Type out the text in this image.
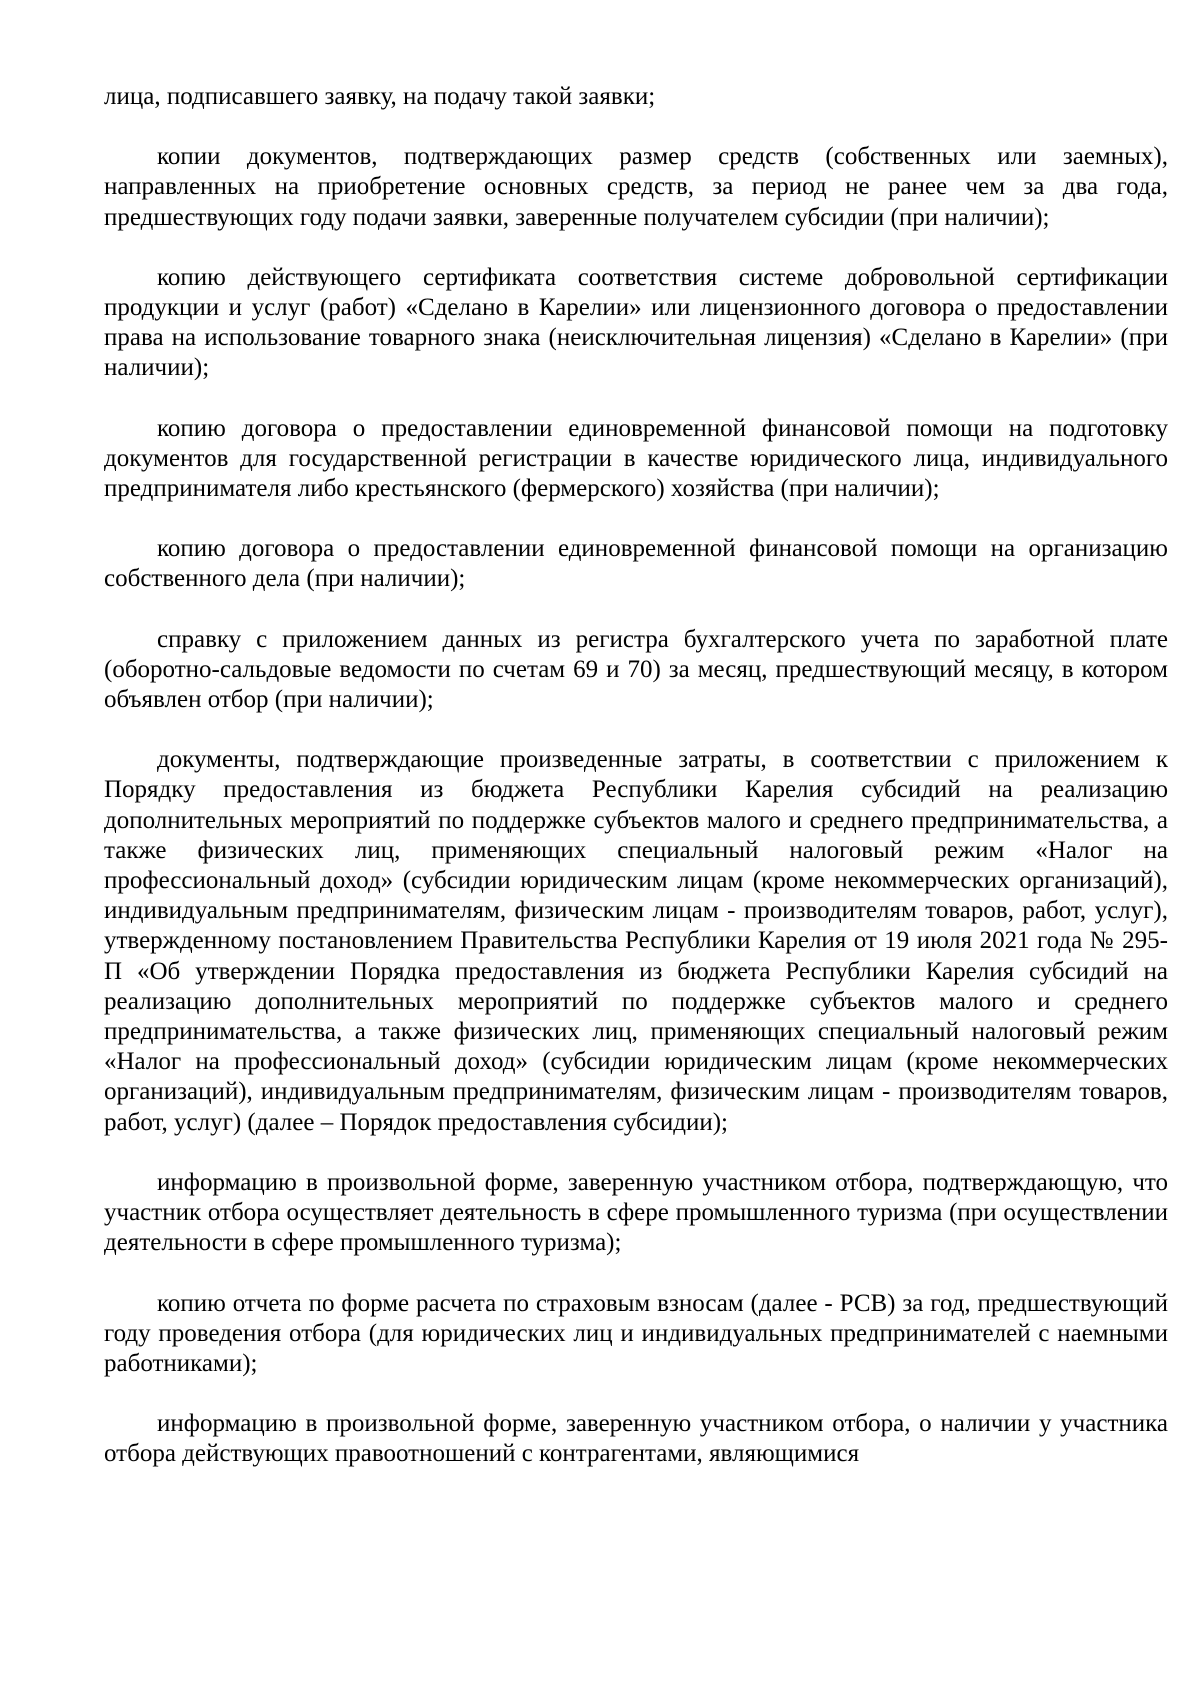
лица, подписавшего заявку, на подачу такой заявки;

копии документов, подтверждающих размер средств (собственных или заемных), направленных на приобретение основных средств, за период не ранее чем за два года, предшествующих году подачи заявки, заверенные получателем субсидии (при наличии);

копию действующего сертификата соответствия системе добровольной сертификации продукции и услуг (работ) «Сделано в Карелии» или лицензионного договора о предоставлении права на использование товарного знака (неисключительная лицензия) «Сделано в Карелии» (при наличии);

копию договора о предоставлении единовременной финансовой помощи на подготовку документов для государственной регистрации в качестве юридического лица, индивидуального предпринимателя либо крестьянского (фермерского) хозяйства (при наличии);

копию договора о предоставлении единовременной финансовой помощи на организацию собственного дела (при наличии);

справку с приложением данных из регистра бухгалтерского учета по заработной плате (оборотно-сальдовые ведомости по счетам 69 и 70) за месяц, предшествующий месяцу, в котором объявлен отбор (при наличии);

документы, подтверждающие произведенные затраты, в соответствии с приложением к Порядку предоставления из бюджета Республики Карелия субсидий на реализацию дополнительных мероприятий по поддержке субъектов малого и среднего предпринимательства, а также физических лиц, применяющих специальный налоговый режим «Налог на профессиональный доход» (субсидии юридическим лицам (кроме некоммерческих организаций), индивидуальным предпринимателям, физическим лицам - производителям товаров, работ, услуг), утвержденному постановлением Правительства Республики Карелия от 19 июля 2021 года № 295-П «Об утверждении Порядка предоставления из бюджета Республики Карелия субсидий на реализацию дополнительных мероприятий по поддержке субъектов малого и среднего предпринимательства, а также физических лиц, применяющих специальный налоговый режим «Налог на профессиональный доход» (субсидии юридическим лицам (кроме некоммерческих организаций), индивидуальным предпринимателям, физическим лицам - производителям товаров, работ, услуг) (далее – Порядок предоставления субсидии);

информацию в произвольной форме, заверенную участником отбора, подтверждающую, что участник отбора осуществляет деятельность в сфере промышленного туризма (при осуществлении деятельности в сфере промышленного туризма);

копию отчета по форме расчета по страховым взносам (далее - РСВ) за год, предшествующий году проведения отбора (для юридических лиц и индивидуальных предпринимателей с наемными работниками);

информацию в произвольной форме, заверенную участником отбора, о наличии у участника отбора действующих правоотношений с контрагентами, являющимися
